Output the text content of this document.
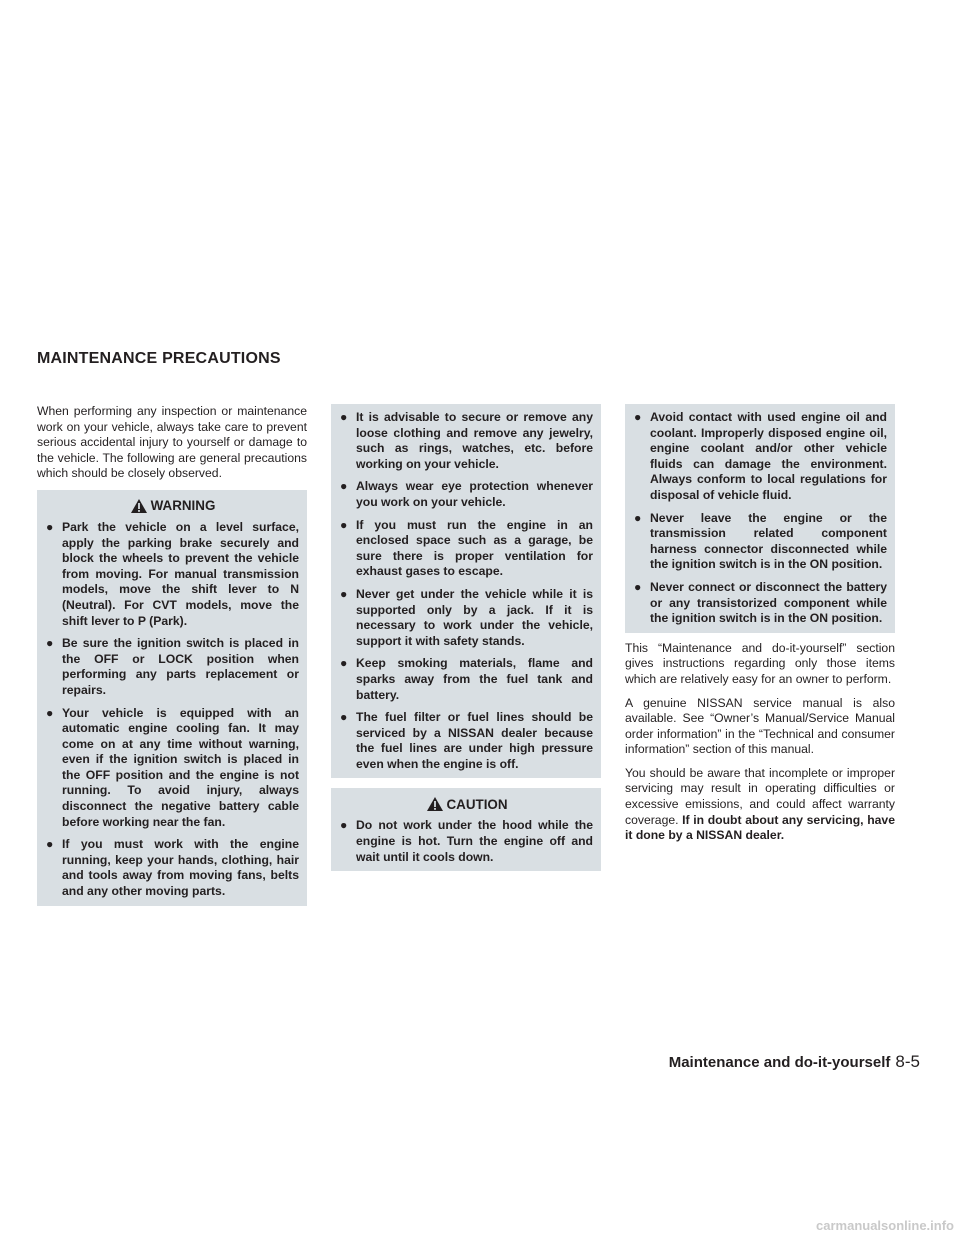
MAINTENANCE PRECAUTIONS

When performing any inspection or maintenance work on your vehicle, always take care to prevent serious accidental injury to yourself or damage to the vehicle. The following are general precautions which should be closely observed.

WARNING
● Park the vehicle on a level surface, apply the parking brake securely and block the wheels to prevent the vehicle from moving. For manual transmission models, move the shift lever to N (Neutral). For CVT models, move the shift lever to P (Park).
● Be sure the ignition switch is placed in the OFF or LOCK position when performing any parts replacement or repairs.
● Your vehicle is equipped with an automatic engine cooling fan. It may come on at any time without warning, even if the ignition switch is placed in the OFF position and the engine is not running. To avoid injury, always disconnect the negative battery cable before working near the fan.
● If you must work with the engine running, keep your hands, clothing, hair and tools away from moving fans, belts and any other moving parts.
● It is advisable to secure or remove any loose clothing and remove any jewelry, such as rings, watches, etc. before working on your vehicle.
● Always wear eye protection whenever you work on your vehicle.
● If you must run the engine in an enclosed space such as a garage, be sure there is proper ventilation for exhaust gases to escape.
● Never get under the vehicle while it is supported only by a jack. If it is necessary to work under the vehicle, support it with safety stands.
● Keep smoking materials, flame and sparks away from the fuel tank and battery.
● The fuel filter or fuel lines should be serviced by a NISSAN dealer because the fuel lines are under high pressure even when the engine is off.
CAUTION
● Do not work under the hood while the engine is hot. Turn the engine off and wait until it cools down.
● Avoid contact with used engine oil and coolant. Improperly disposed engine oil, engine coolant and/or other vehicle fluids can damage the environment. Always conform to local regulations for disposal of vehicle fluid.
● Never leave the engine or the transmission related component harness connector disconnected while the ignition switch is in the ON position.
● Never connect or disconnect the battery or any transistorized component while the ignition switch is in the ON position.

This “Maintenance and do-it-yourself” section gives instructions regarding only those items which are relatively easy for an owner to perform.

A genuine NISSAN service manual is also available. See “Owner’s Manual/Service Manual order information” in the “Technical and consumer information” section of this manual.

You should be aware that incomplete or improper servicing may result in operating difficulties or excessive emissions, and could affect warranty coverage. If in doubt about any servicing, have it done by a NISSAN dealer.

Maintenance and do-it-yourself 8-5
carmanualsonline.info
